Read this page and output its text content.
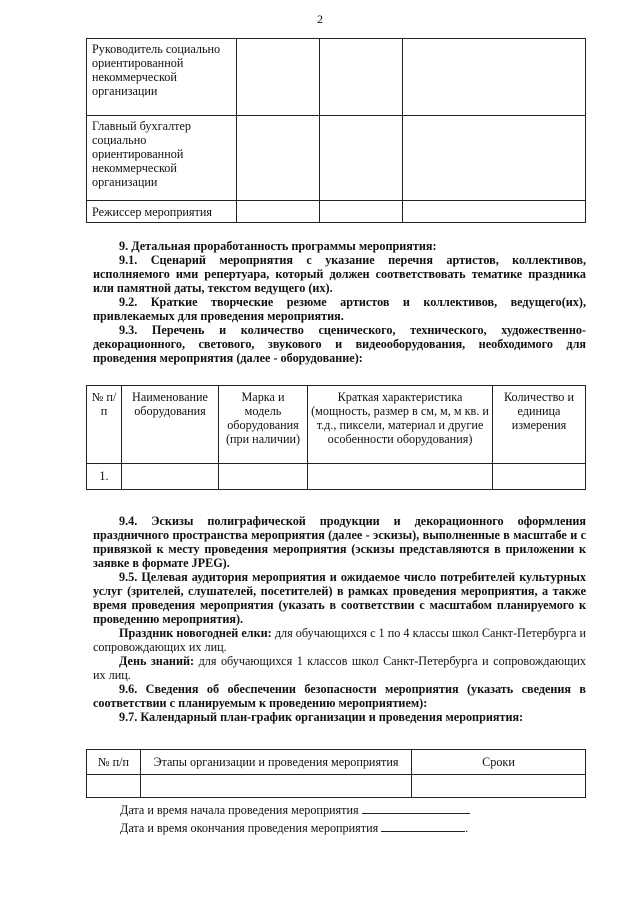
2
Руководитель социально ориентированной некоммерческой организации			
Главный бухгалтер социально ориентированной некоммерческой организации			
Режиссер мероприятия			
9. Детальная проработанность программы мероприятия:
9.1. Сценарий мероприятия с указание перечня артистов, коллективов, исполняемого ими репертуара, который должен соответствовать тематике праздника или памятной даты, текстом ведущего (их).
9.2. Краткие творческие резюме артистов и коллективов, ведущего(их), привлекаемых для проведения мероприятия.
9.3. Перечень и количество сценического, технического, художественно-декорационного, светового, звукового и видеооборудования, необходимого для проведения мероприятия (далее - оборудование):
№ п/п	Наименование оборудования	Марка и модель оборудования (при наличии)	Краткая характеристика (мощность, размер в см, м, м кв. и т.д., пиксели, материал и другие особенности оборудования)	Количество и единица измерения
1.				
9.4. Эскизы полиграфической продукции и декорационного оформления праздничного пространства мероприятия (далее - эскизы), выполненные в масштабе и с привязкой к месту проведения мероприятия (эскизы представляются в приложении к заявке в формате JPEG).
9.5. Целевая аудитория мероприятия и ожидаемое число потребителей культурных услуг (зрителей, слушателей, посетителей) в рамках проведения мероприятия, а также время проведения мероприятия (указать в соответствии с масштабом планируемого к проведению мероприятия).
Праздник новогодней елки: для обучающихся с 1 по 4 классы школ Санкт-Петербурга и сопровождающих их лиц.
День знаний: для обучающихся 1 классов школ Санкт-Петербурга и сопровождающих их лиц.
9.6. Сведения об обеспечении безопасности мероприятия (указать сведения в соответствии с планируемым к проведению мероприятием):
9.7. Календарный план-график организации и проведения мероприятия:
№ п/п	Этапы организации и проведения мероприятия	Сроки

Дата и время начала проведения мероприятия
Дата и время окончания проведения мероприятия	.
